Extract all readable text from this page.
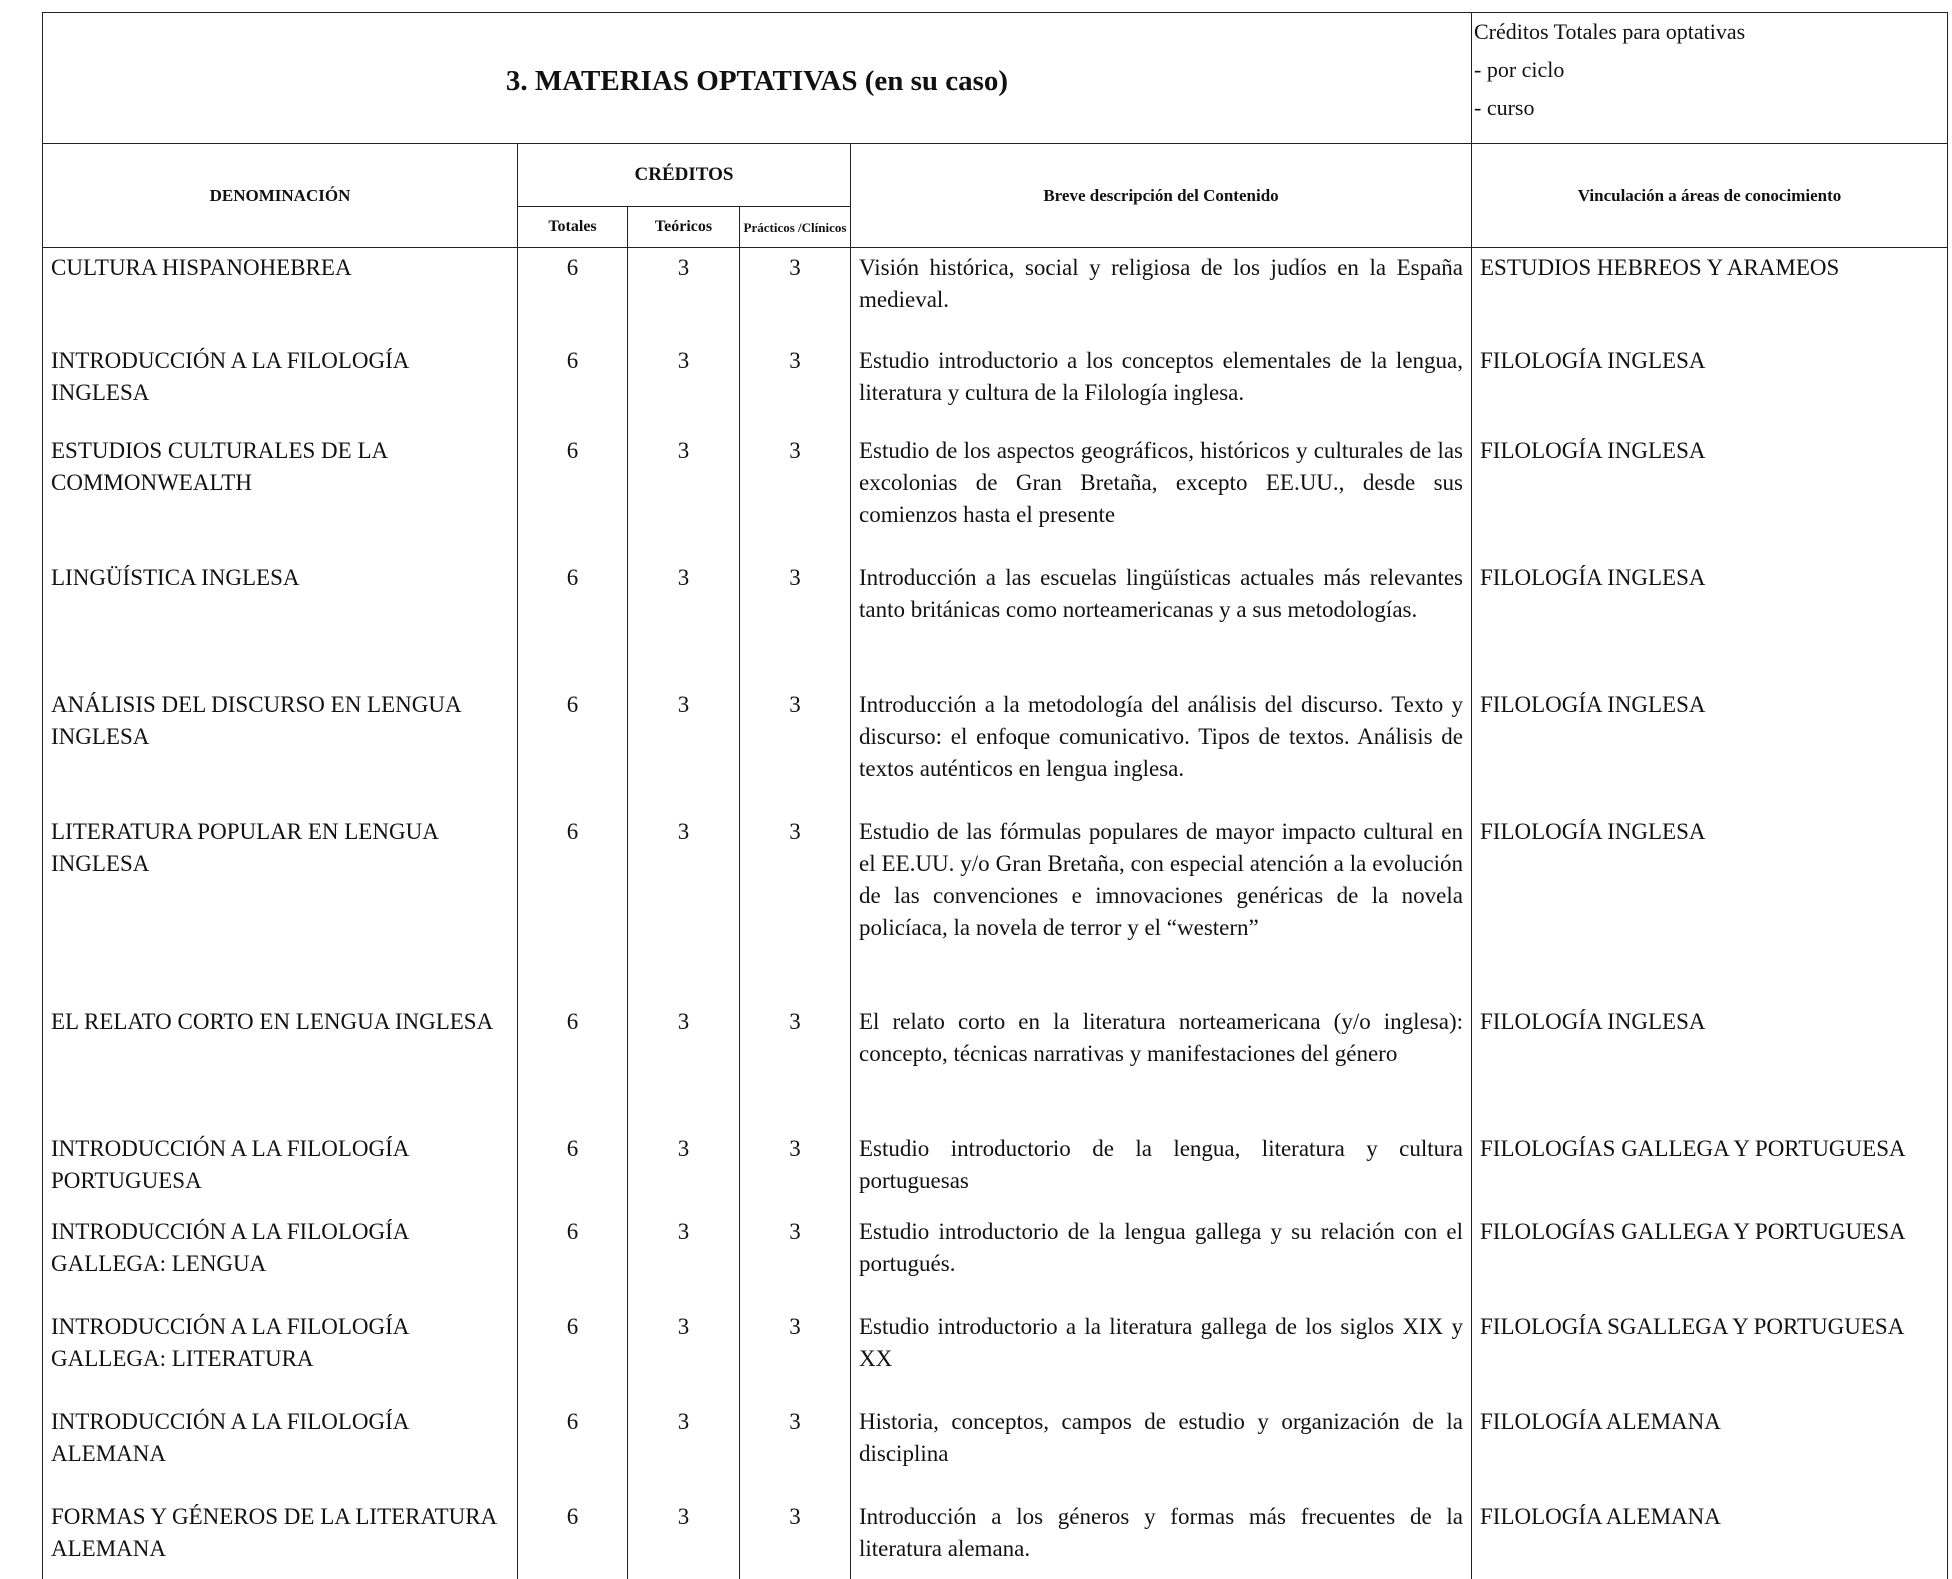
3. MATERIAS OPTATIVAS (en su caso)					Créditos Totales para optativas
- por ciclo
- curso

DENOMINACIÓN	CRÉDITOS			Breve descripción del Contenido	Vinculación a áreas de conocimiento
	Totales	Teóricos	Prácticos /Clínicos		
CULTURA HISPANOHEBREA	6	3	3	Visión histórica, social y religiosa de los judíos en la España medieval.	ESTUDIOS HEBREOS Y ARAMEOS
INTRODUCCIÓN A LA FILOLOGÍA INGLESA	6	3	3	Estudio introductorio a los conceptos elementales de la lengua, literatura y cultura de la Filología inglesa.	FILOLOGÍA INGLESA
ESTUDIOS CULTURALES DE LA COMMONWEALTH	6	3	3	Estudio de los aspectos geográficos, históricos y culturales de las excolonias de Gran Bretaña, excepto EE.UU., desde sus comienzos hasta el presente	FILOLOGÍA INGLESA
LINGÜÍSTICA INGLESA	6	3	3	Introducción a las escuelas lingüísticas actuales más relevantes tanto británicas como norteamericanas y a sus metodologías.	FILOLOGÍA INGLESA
ANÁLISIS DEL DISCURSO EN LENGUA INGLESA	6	3	3	Introducción a la metodología del análisis del discurso. Texto y discurso: el enfoque comunicativo. Tipos de textos. Análisis de textos auténticos en lengua inglesa.	FILOLOGÍA INGLESA
LITERATURA POPULAR EN LENGUA INGLESA	6	3	3	Estudio de las fórmulas populares de mayor impacto cultural en el EE.UU. y/o Gran Bretaña, con especial atención a la evolución de las convenciones e imnovaciones genéricas de la novela policíaca, la novela de terror y el “western”	FILOLOGÍA INGLESA
EL RELATO CORTO EN LENGUA INGLESA	6	3	3	El relato corto en la literatura norteamericana (y/o inglesa): concepto, técnicas narrativas y manifestaciones del género	FILOLOGÍA INGLESA
INTRODUCCIÓN A LA FILOLOGÍA PORTUGUESA	6	3	3	Estudio introductorio de la lengua, literatura y cultura portuguesas	FILOLOGÍAS GALLEGA Y PORTUGUESA
INTRODUCCIÓN A LA FILOLOGÍA GALLEGA: LENGUA	6	3	3	Estudio introductorio de la lengua gallega y su relación con el portugués.	FILOLOGÍAS GALLEGA Y PORTUGUESA
INTRODUCCIÓN A LA FILOLOGÍA GALLEGA: LITERATURA	6	3	3	Estudio introductorio a la literatura gallega de los siglos XIX y XX	FILOLOGÍA SGALLEGA Y PORTUGUESA
INTRODUCCIÓN A LA FILOLOGÍA ALEMANA	6	3	3	Historia, conceptos, campos de estudio y organización de la disciplina	FILOLOGÍA ALEMANA
FORMAS Y GÉNEROS DE LA LITERATURA ALEMANA	6	3	3	Introducción a los géneros y formas más frecuentes de la literatura alemana.	FILOLOGÍA ALEMANA
